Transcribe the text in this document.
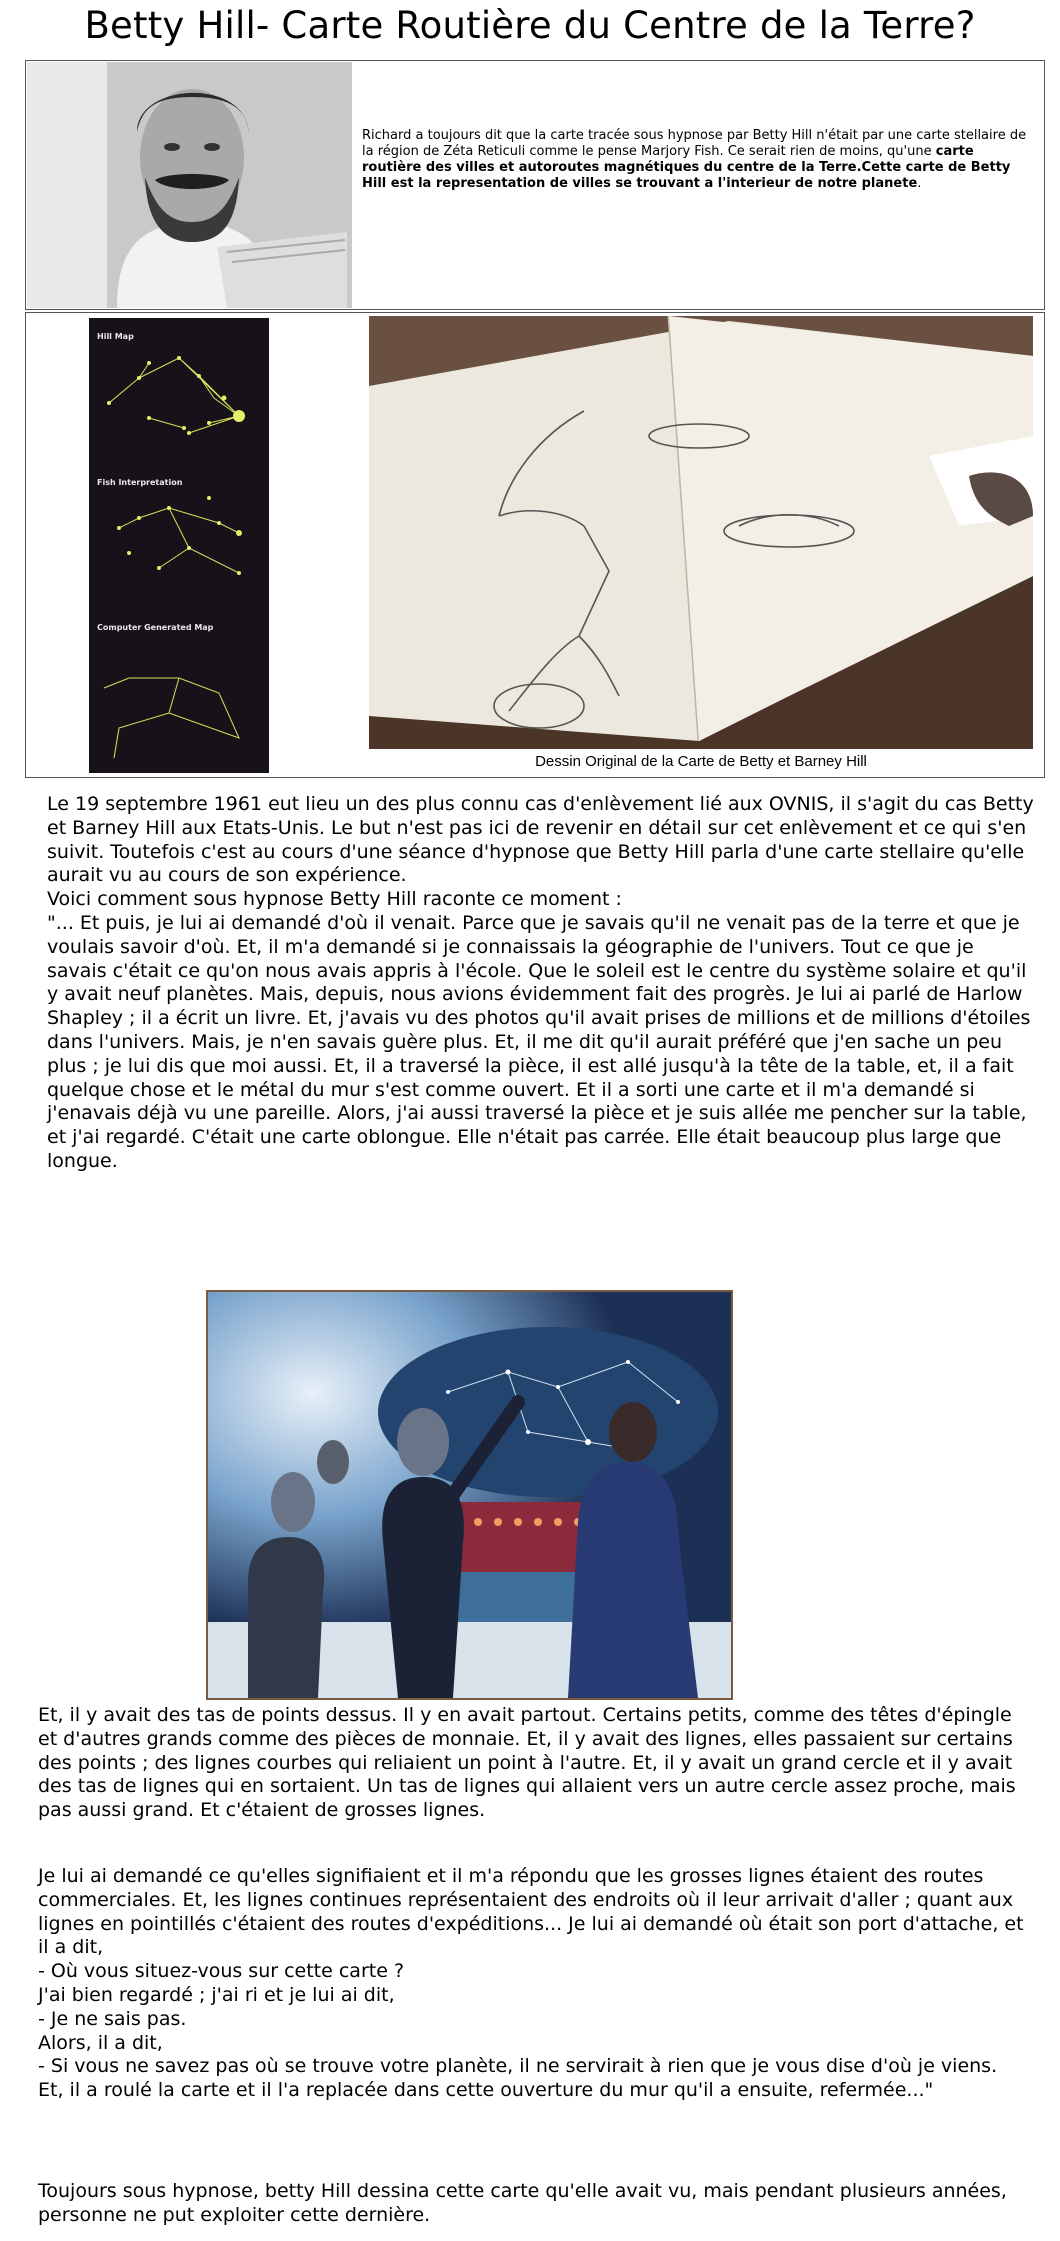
Betty Hill- Carte Routière du Centre de la Terre?
Richard a toujours dit que la carte tracée sous hypnose par Betty Hill n'était par une carte stellaire de la région de Zéta Reticuli comme le pense Marjory Fish. Ce serait rien de moins, qu'une carte routière des villes et autoroutes magnétiques du centre de la Terre.Cette carte de Betty Hill est la representation de villes se trouvant a l'interieur de notre planete.
Hill Map
Fish Interpretation
Computer Generated Map
Dessin Original de la Carte de Betty et Barney Hill

Le 19 septembre 1961 eut lieu un des plus connu cas d'enlèvement lié aux OVNIS, il s'agit du cas Betty et Barney Hill aux Etats-Unis. Le but n'est pas ici de revenir en détail sur cet enlèvement et ce qui s'en suivit. Toutefois c'est au cours d'une séance d'hypnose que Betty Hill parla d'une carte stellaire qu'elle aurait vu au cours de son expérience.
Voici comment sous hypnose Betty Hill raconte ce moment :
"... Et puis, je lui ai demandé d'où il venait. Parce que je savais qu'il ne venait pas de la terre et que je voulais savoir d'où. Et, il m'a demandé si je connaissais la géographie de l'univers. Tout ce que je savais c'était ce qu'on nous avais appris à l'école. Que le soleil est le centre du système solaire et qu'il y avait neuf planètes. Mais, depuis, nous avions évidemment fait des progrès. Je lui ai parlé de Harlow Shapley ; il a écrit un livre. Et, j'avais vu des photos qu'il avait prises de millions et de millions d'étoiles dans l'univers. Mais, je n'en savais guère plus. Et, il me dit qu'il aurait préféré que j'en sache un peu plus ; je lui dis que moi aussi. Et, il a traversé la pièce, il est allé jusqu'à la tête de la table, et, il a fait quelque chose et le métal du mur s'est comme ouvert. Et il a sorti une carte et il m'a demandé si j'enavais déjà vu une pareille. Alors, j'ai aussi traversé la pièce et je suis allée me pencher sur la table, et j'ai regardé. C'était une carte oblongue. Elle n'était pas carrée. Elle était beaucoup plus large que longue.

Et, il y avait des tas de points dessus. Il y en avait partout. Certains petits, comme des têtes d'épingle et d'autres grands comme des pièces de monnaie. Et, il y avait des lignes, elles passaient sur certains des points ; des lignes courbes qui reliaient un point à l'autre. Et, il y avait un grand cercle et il y avait des tas de lignes qui en sortaient. Un tas de lignes qui allaient vers un autre cercle assez proche, mais pas aussi grand. Et c'étaient de grosses lignes.

Je lui ai demandé ce qu'elles signifiaient et il m'a répondu que les grosses lignes étaient des routes commerciales. Et, les lignes continues représentaient des endroits où il leur arrivait d'aller ; quant aux lignes en pointillés c'étaient des routes d'expéditions... Je lui ai demandé où était son port d'attache, et il a dit,
- Où vous situez-vous sur cette carte ?
J'ai bien regardé ; j'ai ri et je lui ai dit,
- Je ne sais pas.
Alors, il a dit,
- Si vous ne savez pas où se trouve votre planète, il ne servirait à rien que je vous dise d'où je viens.
Et, il a roulé la carte et il l'a replacée dans cette ouverture du mur qu'il a ensuite, refermée..."

Toujours sous hypnose, betty Hill dessina cette carte qu'elle avait vu, mais pendant plusieurs années, personne ne put exploiter cette dernière.
